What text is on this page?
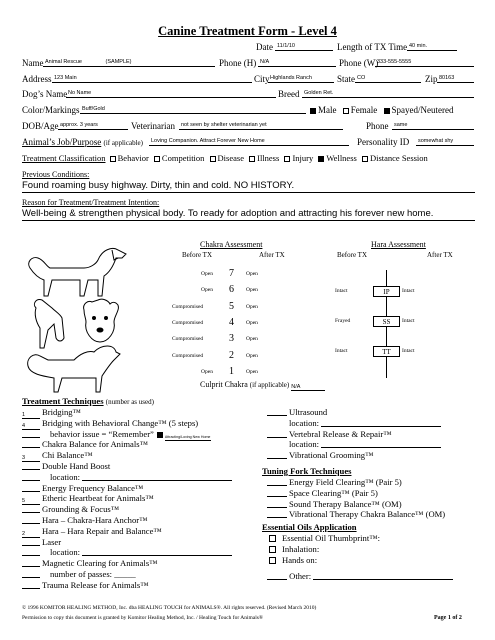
Canine Treatment Form - Level 4
Date 11/1/10	Length of TX Time 40 min.
Name Animal Rescue	(SAMPLE)	Phone (H) N/A	Phone (W)
333-555-5555
Address 123 Main	City Highlands Ranch	State CO	Zip 80163
Dog’s Name No Name	Breed Golden Ret.
Color/Markings Buff/Gold	Male Female Spayed/Neutered
DOB/Age approx. 3 years	Veterinarian	not seen by shelter veterinarian yet	Phone	same
Animal’s Job/Purpose (if applicable)	Loving Companion. Attract Forever New Home	Personality ID	somewhat shy
Treatment Classification Behavior Competition Disease Illness Injury Wellness Distance Session
Previous Conditions:
Found roaming busy highway. Dirty, thin and cold. NO HISTORY.
Reason for Treatment/Treatment Intention:
Well-being & strengthen physical body. To ready for adoption and attracting his forever new home.
Chakra Assessment
Before TX	After TX
Open	7 Open
Open	6 Open
Compromised	5 Open
Compromised	4 Open
Compromised	3 Open
Compromised	2 Open
Open	1 Open
Culprit Chakra (if applicable) N/A
Hara Assessment
Before TX	After TX
Intact	IP	Intact
Frayed	SS	Intact
Intact	TT	Intact
Treatment Techniques (number as used)
1 Bridging™
4 Bridging with Behavioral Change™ (5 steps)
behavior issue = “Remember”	Attracting/Loving New Home
Chakra Balance for Animals™
3 Chi Balance™
Double Hand Boost
location:
Energy Frequency Balance™
5 Etheric Heartbeat for Animals™
Grounding & Focus™
Hara – Chakra-Hara Anchor™
2 Hara – Hara Repair and Balance™
Laser
location:
Magnetic Clearing for Animals™
number of passes: _____
Trauma Release for Animals™
Ultrasound
location:
Vertebral Release & Repair™
location:
Vibrational Grooming™
Tuning Fork Techniques
Energy Field Clearing™ (Pair 5)
Space Clearing™ (Pair 5)
Sound Therapy Balance™ (OM)
Vibrational Therapy Chakra Balance™ (OM)
Essential Oils Application
Essential Oil Thumbprint™:
Inhalation:
Hands on:
Other:
© 1996 KOMITOR HEALING METHOD, Inc. dba HEALING TOUCH for ANIMALS®. All rights reserved. (Revised March 2010)
Permission to copy this document is granted by Komitor Healing Method, Inc. / Healing Touch for Animals®	Page 1 of 2
